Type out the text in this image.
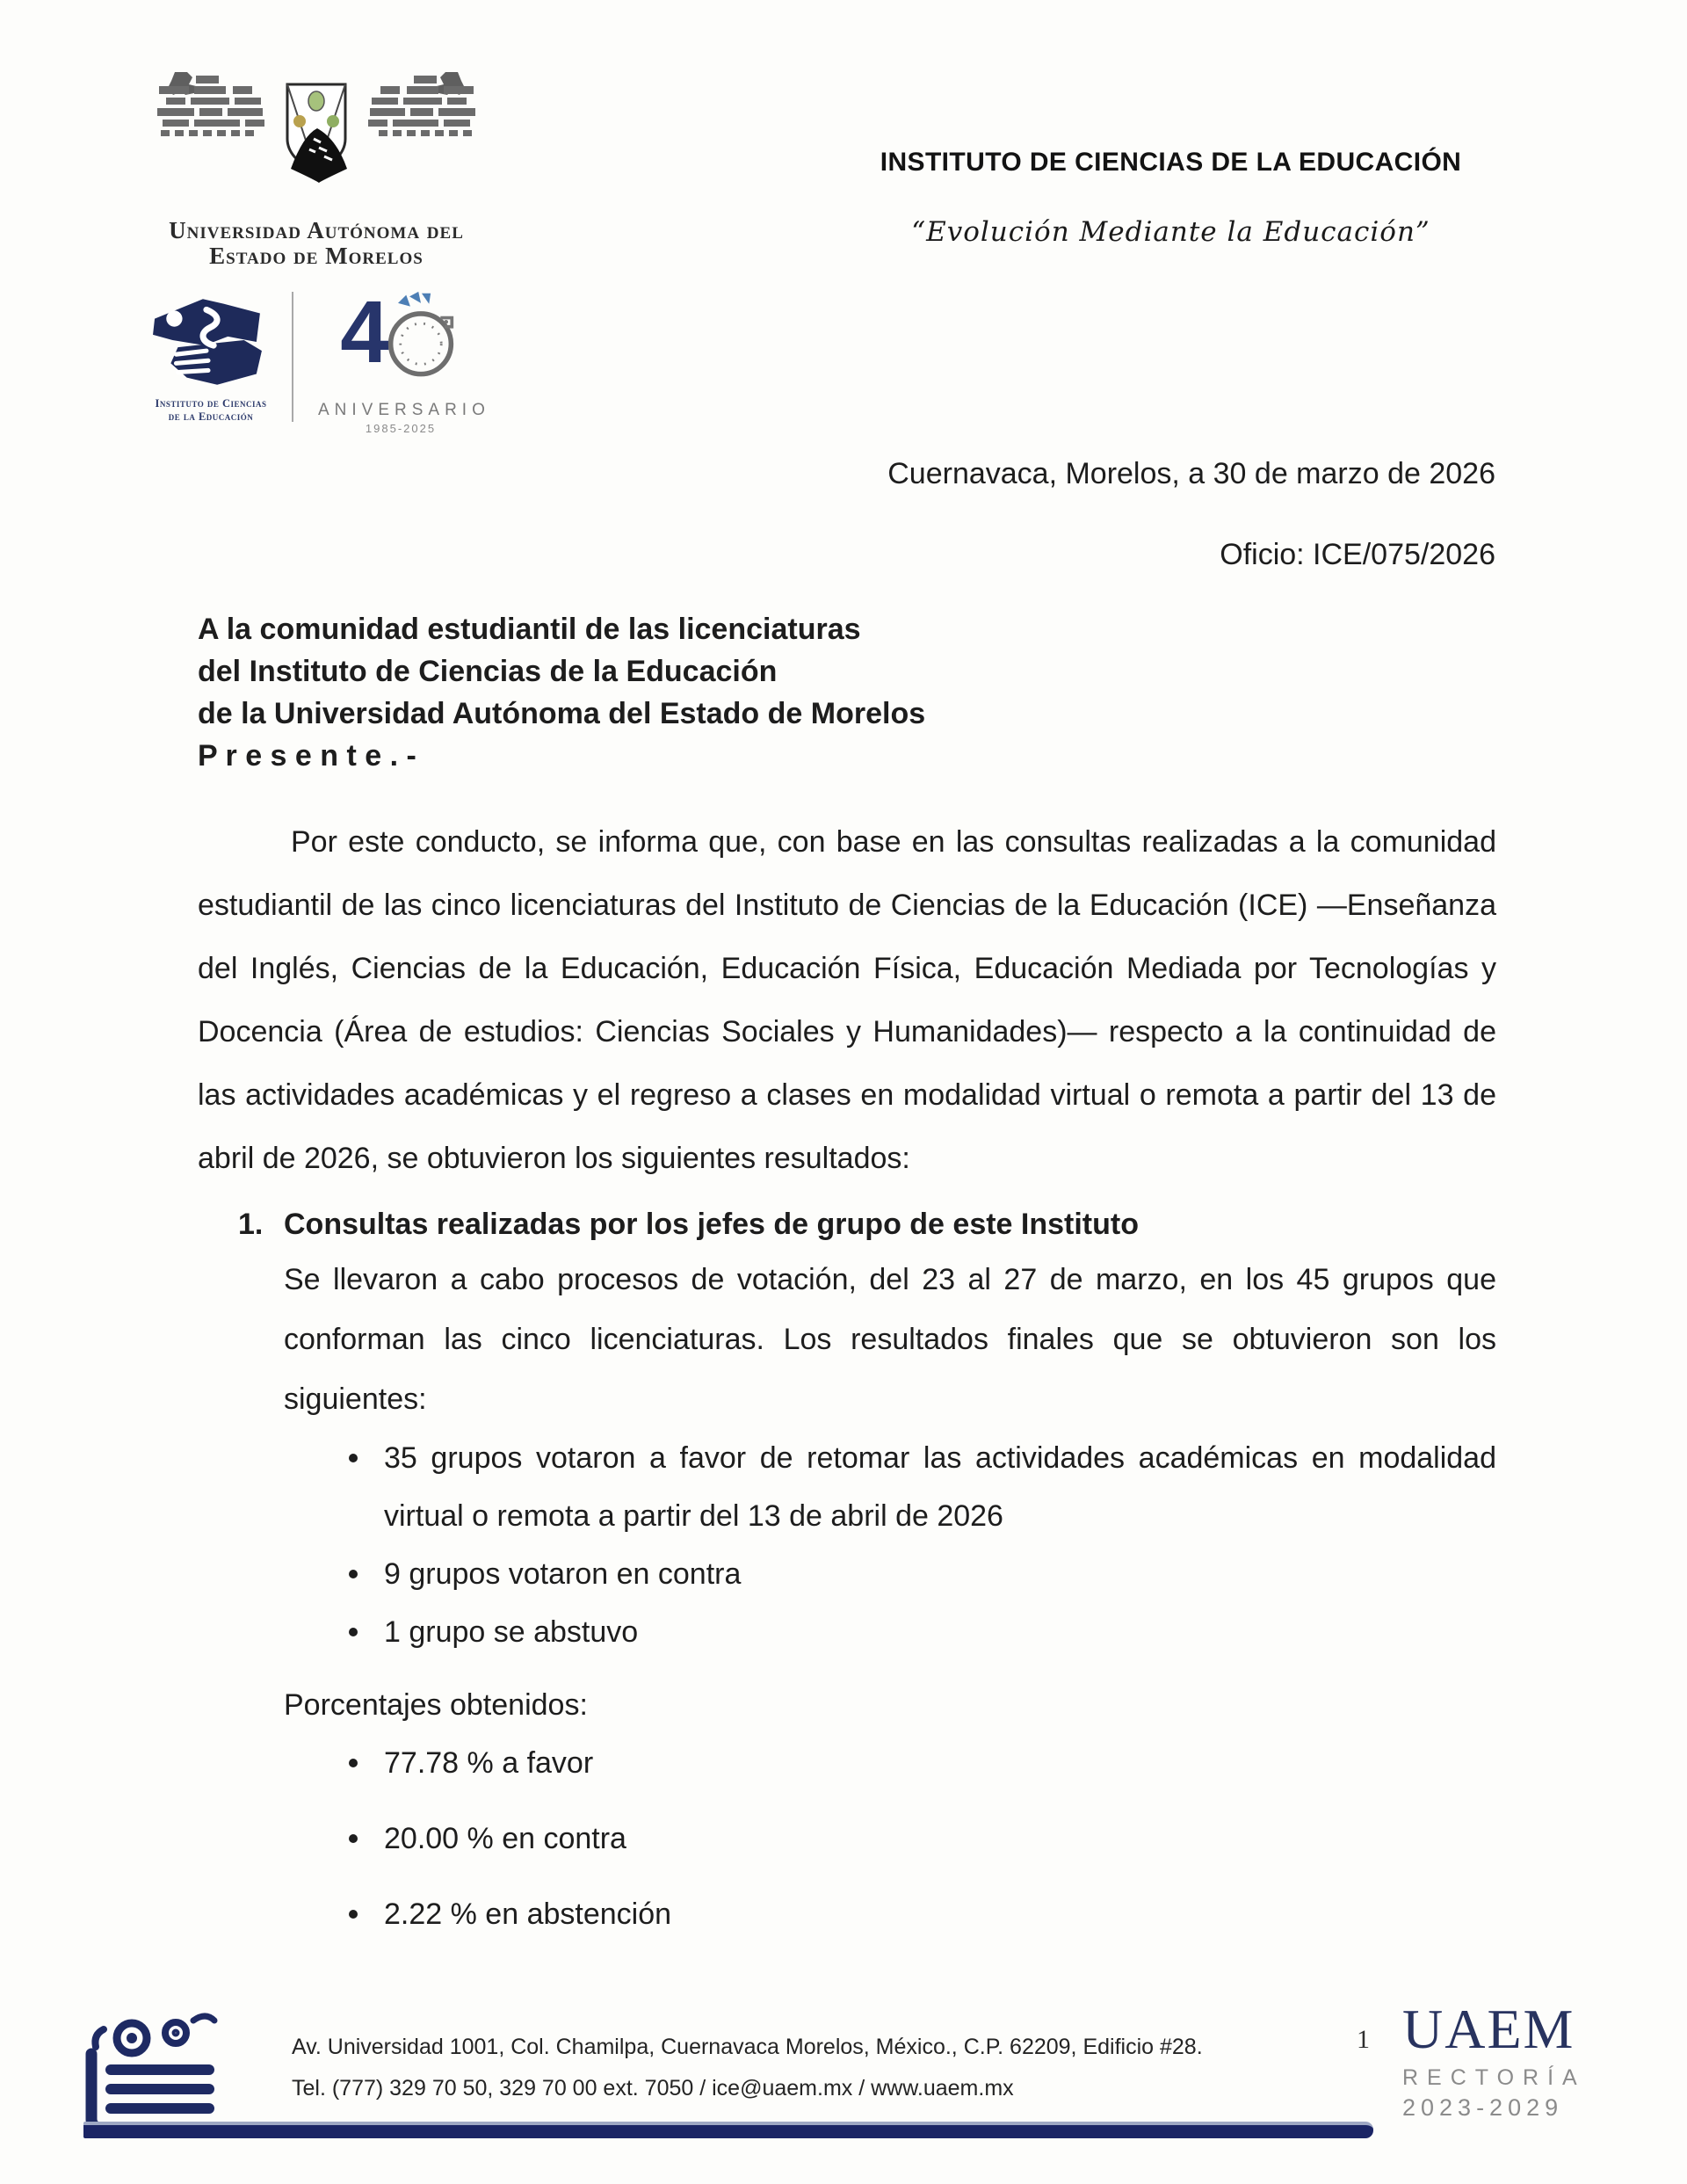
Universidad Autónoma del
Estado de Morelos
Instituto de Ciencias
de la Educación
4
ANIVERSARIO
1985-2025
INSTITUTO DE CIENCIAS DE LA EDUCACIÓN
“Evolución Mediante la Educación”
Cuernavaca, Morelos, a 30 de marzo de 2026
Oficio: ICE/075/2026
A la comunidad estudiantil de las licenciaturas
del Instituto de Ciencias de la Educación
de la Universidad Autónoma del Estado de Morelos
P r e s e n t e . -

Por este conducto, se informa que, con base en las consultas realizadas a la comunidad estudiantil de las cinco licenciaturas del Instituto de Ciencias de la Educación (ICE) —Enseñanza del Inglés, Ciencias de la Educación, Educación Física, Educación Mediada por Tecnologías y Docencia (Área de estudios: Ciencias Sociales y Humanidades)— respecto a la continuidad de las actividades académicas y el regreso a clases en modalidad virtual o remota a partir del 13 de abril de 2026, se obtuvieron los siguientes resultados:

1. Consultas realizadas por los jefes de grupo de este Instituto

Se llevaron a cabo procesos de votación, del 23 al 27 de marzo, en los 45 grupos que conforman las cinco licenciaturas. Los resultados finales que se obtuvieron son los siguientes:

35 grupos votaron a favor de retomar las actividades académicas en modalidad virtual o remota a partir del 13 de abril de 2026
9 grupos votaron en contra
1 grupo se abstuvo
Porcentajes obtenidos:
77.78 % a favor
20.00 % en contra
2.22 % en abstención
Av. Universidad 1001, Col. Chamilpa, Cuernavaca Morelos, México., C.P. 62209, Edificio #28.
Tel. (777) 329 70 50, 329 70 00 ext. 7050 / ice@uaem.mx / www.uaem.mx
1 UAEM
RECTORÍA
2023-2029
